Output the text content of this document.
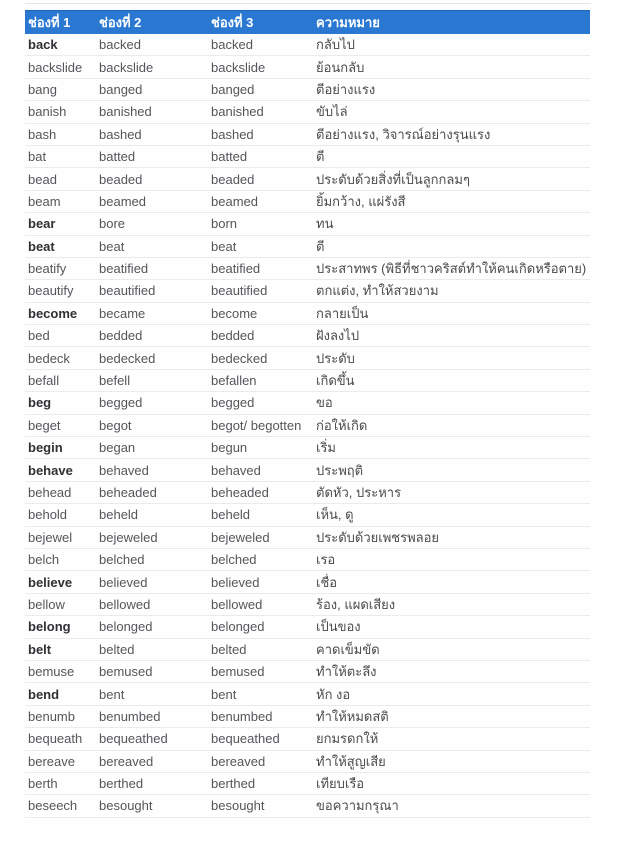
ช่องที่ 1	ช่องที่ 2	ช่องที่ 3	ความหมาย
back	backed	backed	กลับไป
backslide	backslide	backslide	ย้อนกลับ
bang	banged	banged	ตีอย่างแรง
banish	banished	banished	ขับไล่
bash	bashed	bashed	ตีอย่างแรง, วิจารณ์อย่างรุนแรง
bat	batted	batted	ตี
bead	beaded	beaded	ประดับด้วยสิ่งที่เป็นลูกกลมๆ
beam	beamed	beamed	ยิ้มกว้าง, แผ่รังสี
bear	bore	born	ทน
beat	beat	beat	ตี
beatify	beatified	beatified	ประสาทพร (พิธีที่ชาวคริสต์ทำให้คนเกิดหรือตาย)
beautify	beautified	beautified	ตกแต่ง, ทำให้สวยงาม
become	became	become	กลายเป็น
bed	bedded	bedded	ฝังลงไป
bedeck	bedecked	bedecked	ประดับ
befall	befell	befallen	เกิดขึ้น
beg	begged	begged	ขอ
beget	begot	begot/ begotten	ก่อให้เกิด
begin	began	begun	เริ่ม
behave	behaved	behaved	ประพฤติ
behead	beheaded	beheaded	ตัดหัว, ประหาร
behold	beheld	beheld	เห็น, ดู
bejewel	bejeweled	bejeweled	ประดับด้วยเพชรพลอย
belch	belched	belched	เรอ
believe	believed	believed	เชื่อ
bellow	bellowed	bellowed	ร้อง, แผดเสียง
belong	belonged	belonged	เป็นของ
belt	belted	belted	คาดเข็มขัด
bemuse	bemused	bemused	ทำให้ตะลึง
bend	bent	bent	หัก งอ
benumb	benumbed	benumbed	ทำให้หมดสติ
bequeath	bequeathed	bequeathed	ยกมรดกให้
bereave	bereaved	bereaved	ทำให้สูญเสีย
berth	berthed	berthed	เทียบเรือ
beseech	besought	besought	ขอความกรุณา
